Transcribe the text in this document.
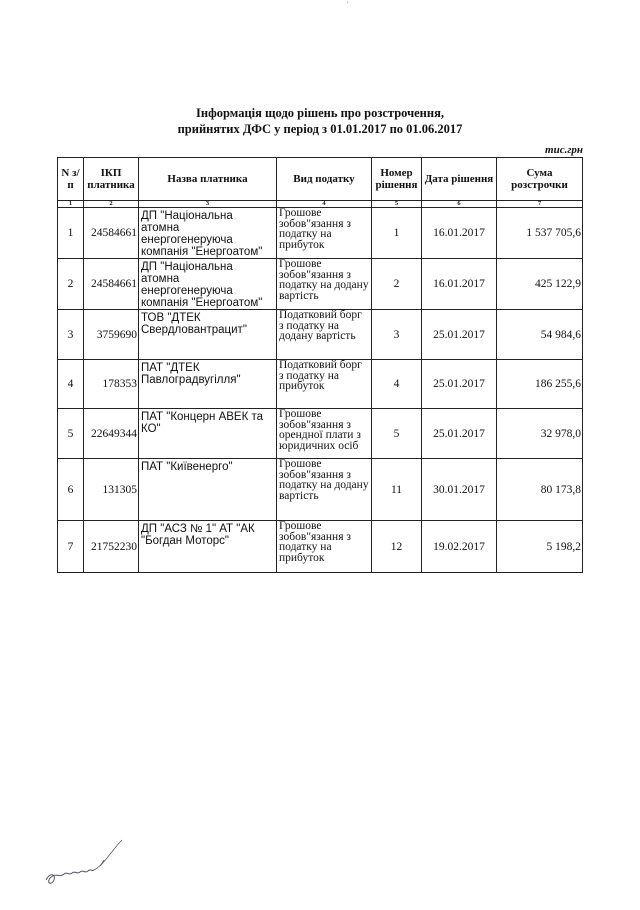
Інформація щодо рішень про розстрочення,
прийнятих ДФС у період з 01.01.2017 по 01.06.2017
тис.грн
N з/п	ІКП платника	Назва платника	Вид податку	Номер рішення	Дата рішення	Сума розстрочки
1	2	3	4	5	6	7
1	24584661	ДП "Національна атомна енергогенеруюча компанія "Енергоатом"	Грошове зобов"язання з податку на прибуток	1	16.01.2017	1 537 705,6
2	24584661	ДП "Національна атомна енергогенеруюча компанія "Енергоатом"	Грошове зобов"язання з податку на додану вартість	2	16.01.2017	425 122,9
3	3759690	ТОВ "ДТЕК Свердловантрацит"	Податковий борг з податку на додану вартість	3	25.01.2017	54 984,6
4	178353	ПАТ "ДТЕК Павлоградвугілля"	Податковий борг з податку на прибуток	4	25.01.2017	186 255,6
5	22649344	ПАТ "Концерн АВЕК та КО"	Грошове зобов"язання з орендної плати з юридичних осіб	5	25.01.2017	32 978,0
6	131305	ПАТ "Київенерго"	Грошове зобов"язання з податку на додану вартість	11	30.01.2017	80 173,8
7	21752230	ДП "АСЗ № 1" АТ "АК "Богдан Моторс"	Грошове зобов"язання з податку на прибуток	12	19.02.2017	5 198,2
'
